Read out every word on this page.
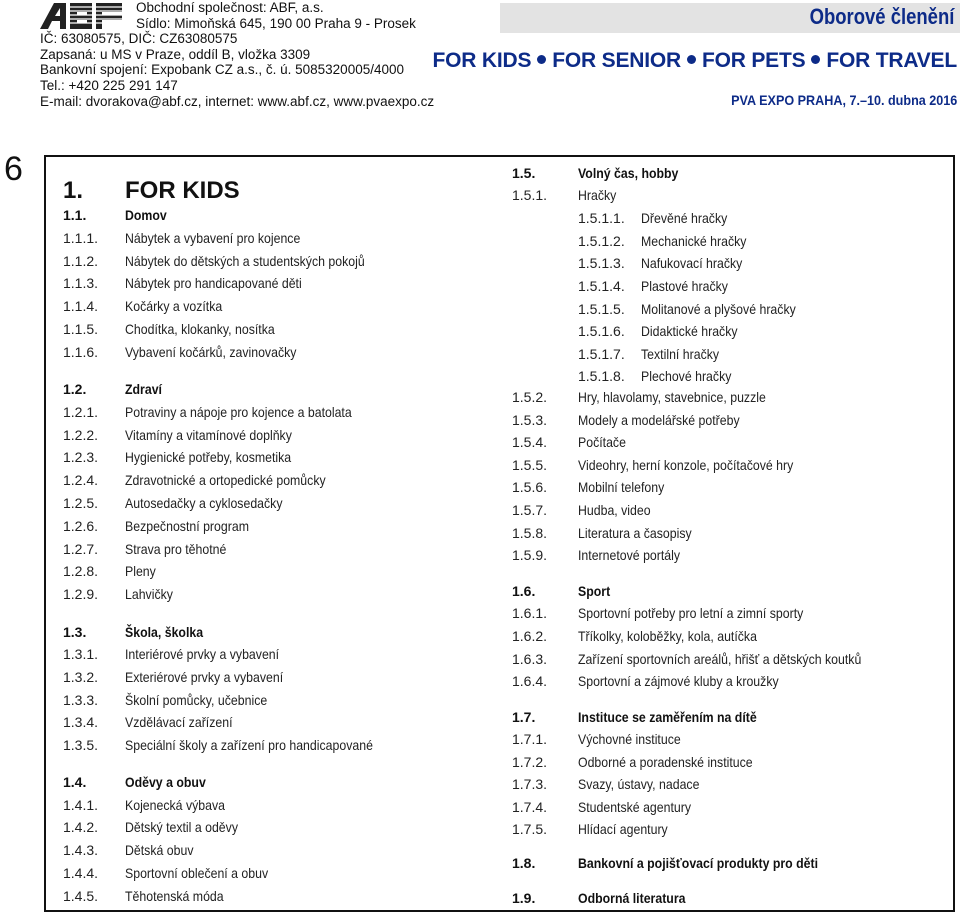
Obchodní společnost: ABF, a.s.
Sídlo: Mimoňská 645, 190 00 Praha 9 - Prosek
IČ: 63080575, DIČ: CZ63080575
Zapsaná: u MS v Praze, oddíl B, vložka 3309
Bankovní spojení: Expobank CZ a.s., č. ú. 5085320005/4000
Tel.: +420 225 291 147
E-mail: dvorakova@abf.cz, internet: www.abf.cz, www.pvaexpo.cz
Oborové členění
FOR KIDS FOR SENIOR FOR PETS FOR TRAVEL
PVA EXPO PRAHA, 7.–10. dubna 2016
6
1. FOR KIDS
1.1.	Domov
1.1.1. Nábytek a vybavení pro kojence
1.1.2. Nábytek do dětských a studentských pokojů
1.1.3. Nábytek pro handicapované děti
1.1.4. Kočárky a vozítka
1.1.5. Chodítka, klokanky, nosítka
1.1.6. Vybavení kočárků, zavinovačky
1.2.	Zdraví
1.2.1. Potraviny a nápoje pro kojence a batolata
1.2.2. Vitamíny a vitamínové doplňky
1.2.3. Hygienické potřeby, kosmetika
1.2.4. Zdravotnické a ortopedické pomůcky
1.2.5. Autosedačky a cyklosedačky
1.2.6. Bezpečnostní program
1.2.7. Strava pro těhotné
1.2.8. Pleny
1.2.9. Lahvičky
1.3.	Škola, školka
1.3.1. Interiérové prvky a vybavení
1.3.2. Exteriérové prvky a vybavení
1.3.3. Školní pomůcky, učebnice
1.3.4. Vzdělávací zařízení
1.3.5. Speciální školy a zařízení pro handicapované
1.4.	Oděvy a obuv
1.4.1. Kojenecká výbava
1.4.2. Dětský textil a oděvy
1.4.3. Dětská obuv
1.4.4. Sportovní oblečení a obuv
1.4.5. Těhotenská móda
1.5.	Volný čas, hobby
1.5.1. Hračky
1.5.1.1. Dřevěné hračky
1.5.1.2. Mechanické hračky
1.5.1.3. Nafukovací hračky
1.5.1.4. Plastové hračky
1.5.1.5. Molitanové a plyšové hračky
1.5.1.6. Didaktické hračky
1.5.1.7. Textilní hračky
1.5.1.8. Plechové hračky
1.5.2. Hry, hlavolamy, stavebnice, puzzle
1.5.3. Modely a modelářské potřeby
1.5.4. Počítače
1.5.5. Videohry, herní konzole, počítačové hry
1.5.6. Mobilní telefony
1.5.7. Hudba, video
1.5.8. Literatura a časopisy
1.5.9. Internetové portály
1.6.	Sport
1.6.1. Sportovní potřeby pro letní a zimní sporty
1.6.2. Tříkolky, koloběžky, kola, autíčka
1.6.3. Zařízení sportovních areálů, hřišť a dětských koutků
1.6.4. Sportovní a zájmové kluby a kroužky
1.7.	Instituce se zaměřením na dítě
1.7.1. Výchovné instituce
1.7.2. Odborné a poradenské instituce
1.7.3. Svazy, ústavy, nadace
1.7.4. Studentské agentury
1.7.5. Hlídací agentury
1.8.	Bankovní a pojišťovací produkty pro děti
1.9.	Odborná literatura
